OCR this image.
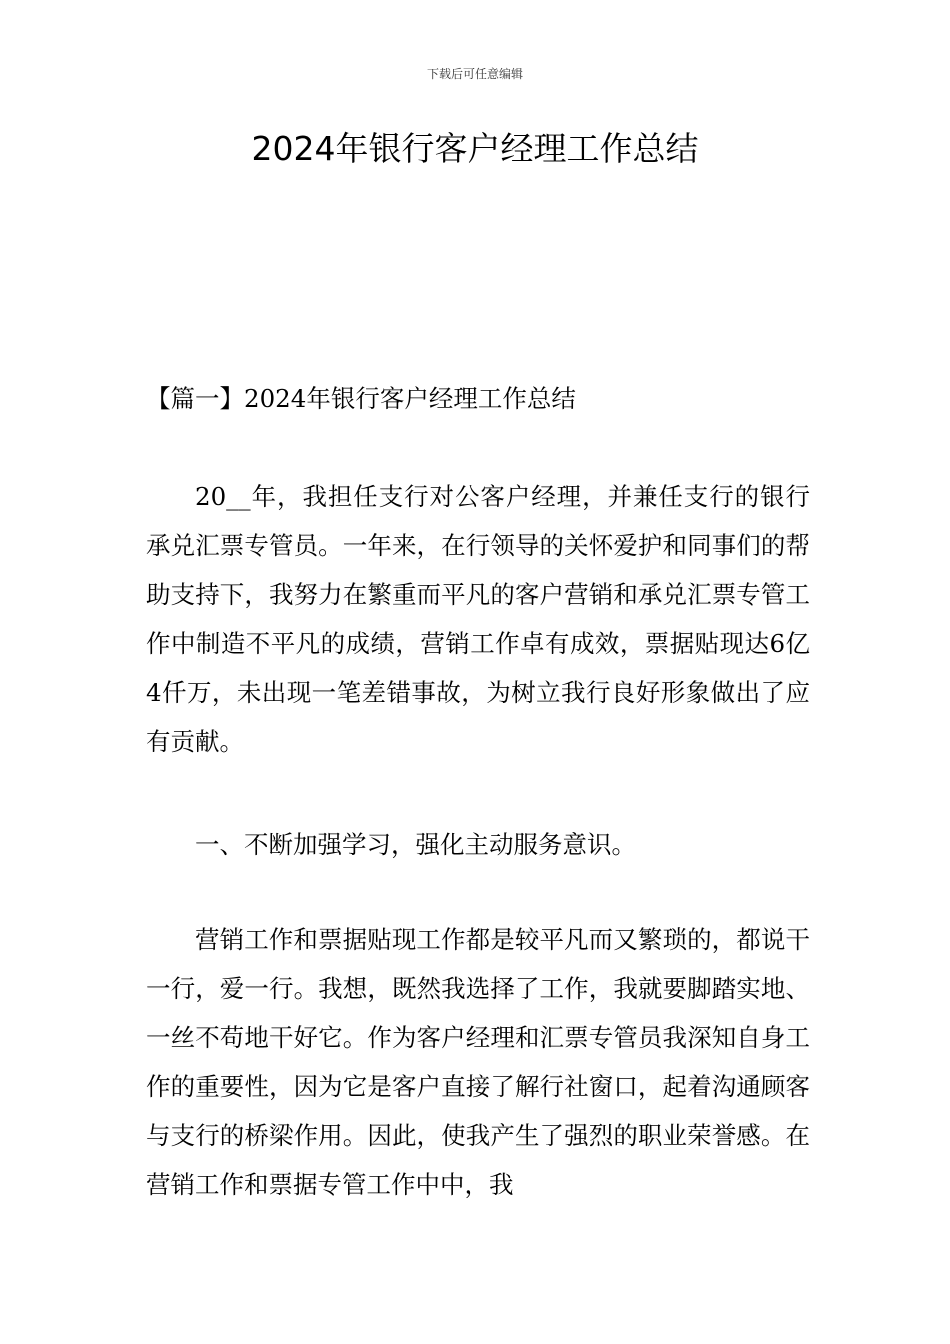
下载后可任意编辑
2024年银行客户经理工作总结

【篇一】2024年银行客户经理工作总结

20__年，我担任支行对公客户经理，并兼任支行的银行承兑汇票专管员。一年来，在行领导的关怀爱护和同事们的帮助支持下，我努力在繁重而平凡的客户营销和承兑汇票专管工作中制造不平凡的成绩，营销工作卓有成效，票据贴现达6亿4仟万，未出现一笔差错事故，为树立我行良好形象做出了应有贡献。

一、不断加强学习，强化主动服务意识。

营销工作和票据贴现工作都是较平凡而又繁琐的，都说干一行，爱一行。我想，既然我选择了工作，我就要脚踏实地、一丝不苟地干好它。作为客户经理和汇票专管员我深知自身工作的重要性，因为它是客户直接了解行社窗口，起着沟通顾客与支行的桥梁作用。因此，使我产生了强烈的职业荣誉感。在营销工作和票据专管工作中中，我
